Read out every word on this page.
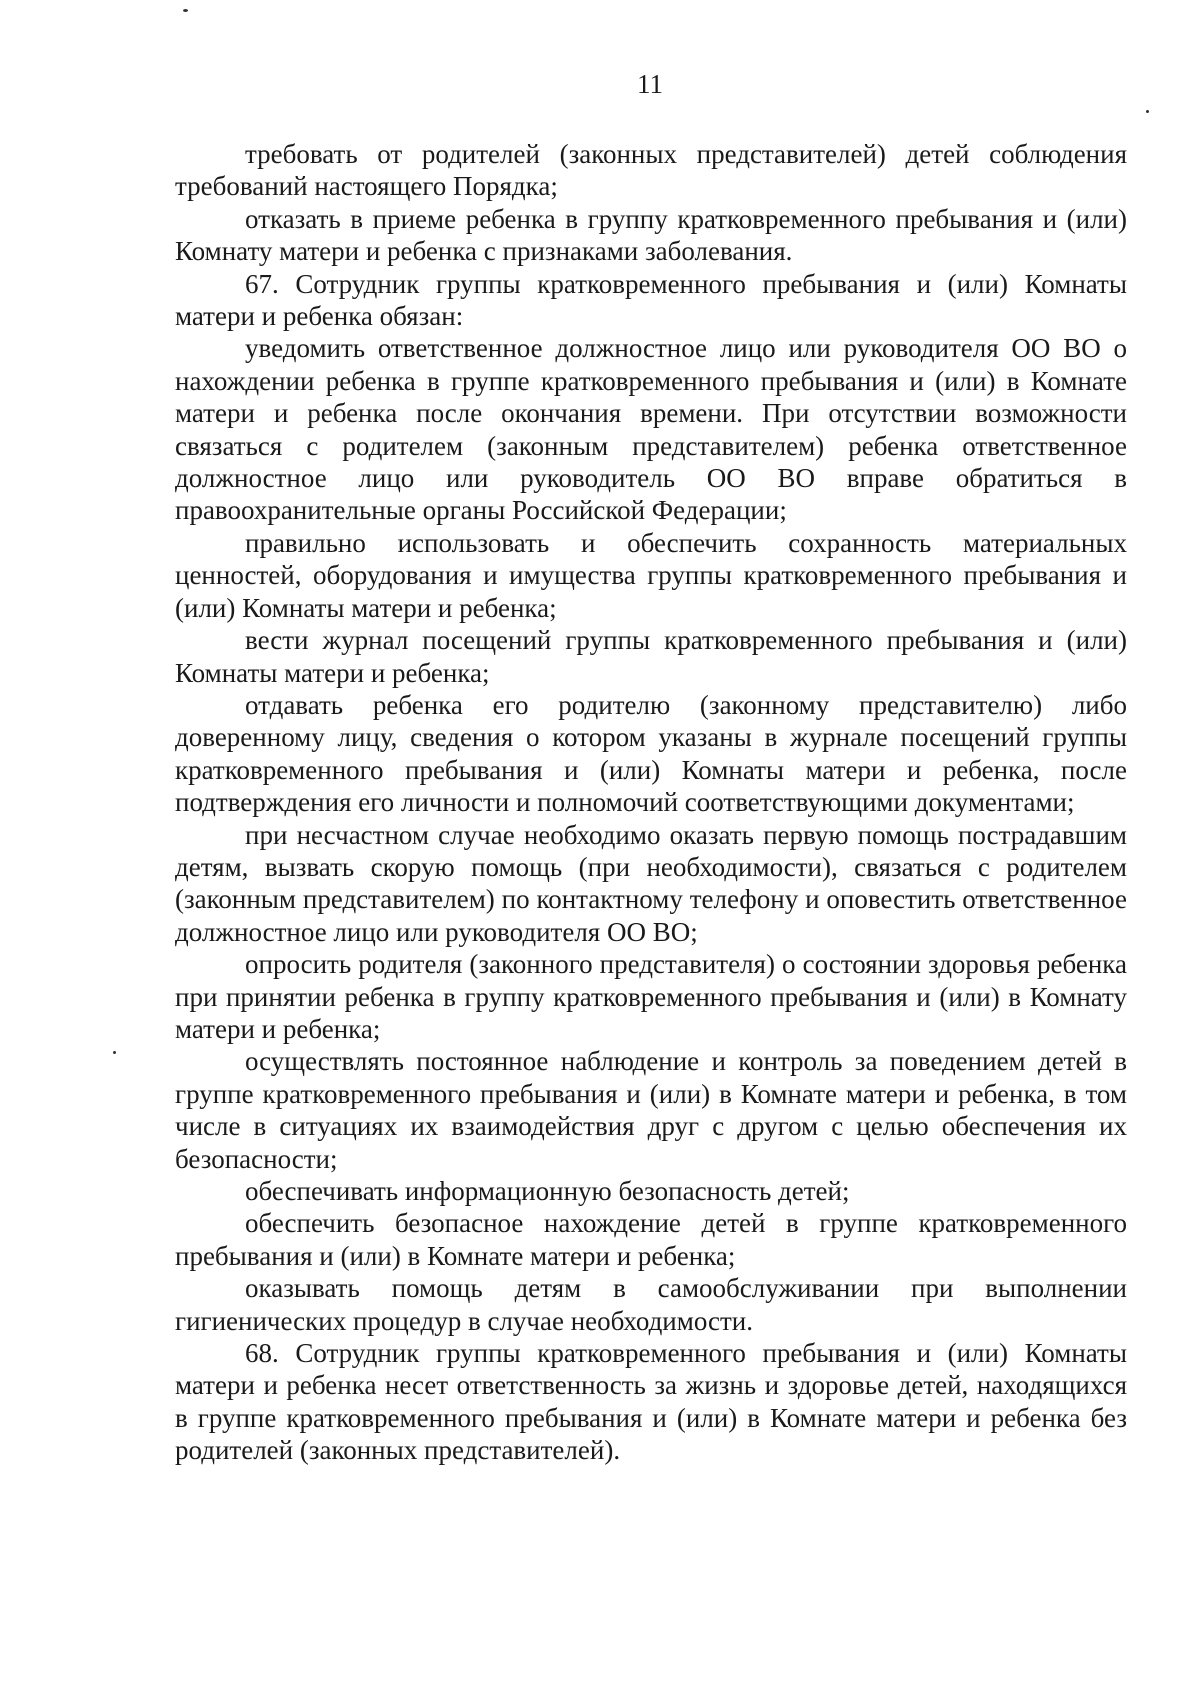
11

требовать от родителей (законных представителей) детей соблюдения требований настоящего Порядка;

отказать в приеме ребенка в группу кратковременного пребывания и (или) Комнату матери и ребенка с признаками заболевания.

67. Сотрудник группы кратковременного пребывания и (или) Комнаты матери и ребенка обязан:

уведомить ответственное должностное лицо или руководителя ОО ВО о нахождении ребенка в группе кратковременного пребывания и (или) в Комнате матери и ребенка после окончания времени. При отсутствии возможности связаться с родителем (законным представителем) ребенка ответственное должностное лицо или руководитель ОО ВО вправе обратиться в правоохранительные органы Российской Федерации;

правильно использовать и обеспечить сохранность материальных ценностей, оборудования и имущества группы кратковременного пребывания и (или) Комнаты матери и ребенка;

вести журнал посещений группы кратковременного пребывания и (или) Комнаты матери и ребенка;

отдавать ребенка его родителю (законному представителю) либо доверенному лицу, сведения о котором указаны в журнале посещений группы кратковременного пребывания и (или) Комнаты матери и ребенка, после подтверждения его личности и полномочий соответствующими документами;

при несчастном случае необходимо оказать первую помощь пострадавшим детям, вызвать скорую помощь (при необходимости), связаться с родителем (законным представителем) по контактному телефону и оповестить ответственное должностное лицо или руководителя ОО ВО;

опросить родителя (законного представителя) о состоянии здоровья ребенка при принятии ребенка в группу кратковременного пребывания и (или) в Комнату матери и ребенка;

осуществлять постоянное наблюдение и контроль за поведением детей в группе кратковременного пребывания и (или) в Комнате матери и ребенка, в том числе в ситуациях их взаимодействия друг с другом с целью обеспечения их безопасности;

обеспечивать информационную безопасность детей;

обеспечить безопасное нахождение детей в группе кратковременного пребывания и (или) в Комнате матери и ребенка;

оказывать помощь детям в самообслуживании при выполнении гигиенических процедур в случае необходимости.

68. Сотрудник группы кратковременного пребывания и (или) Комнаты матери и ребенка несет ответственность за жизнь и здоровье детей, находящихся в группе кратковременного пребывания и (или) в Комнате матери и ребенка без родителей (законных представителей).
